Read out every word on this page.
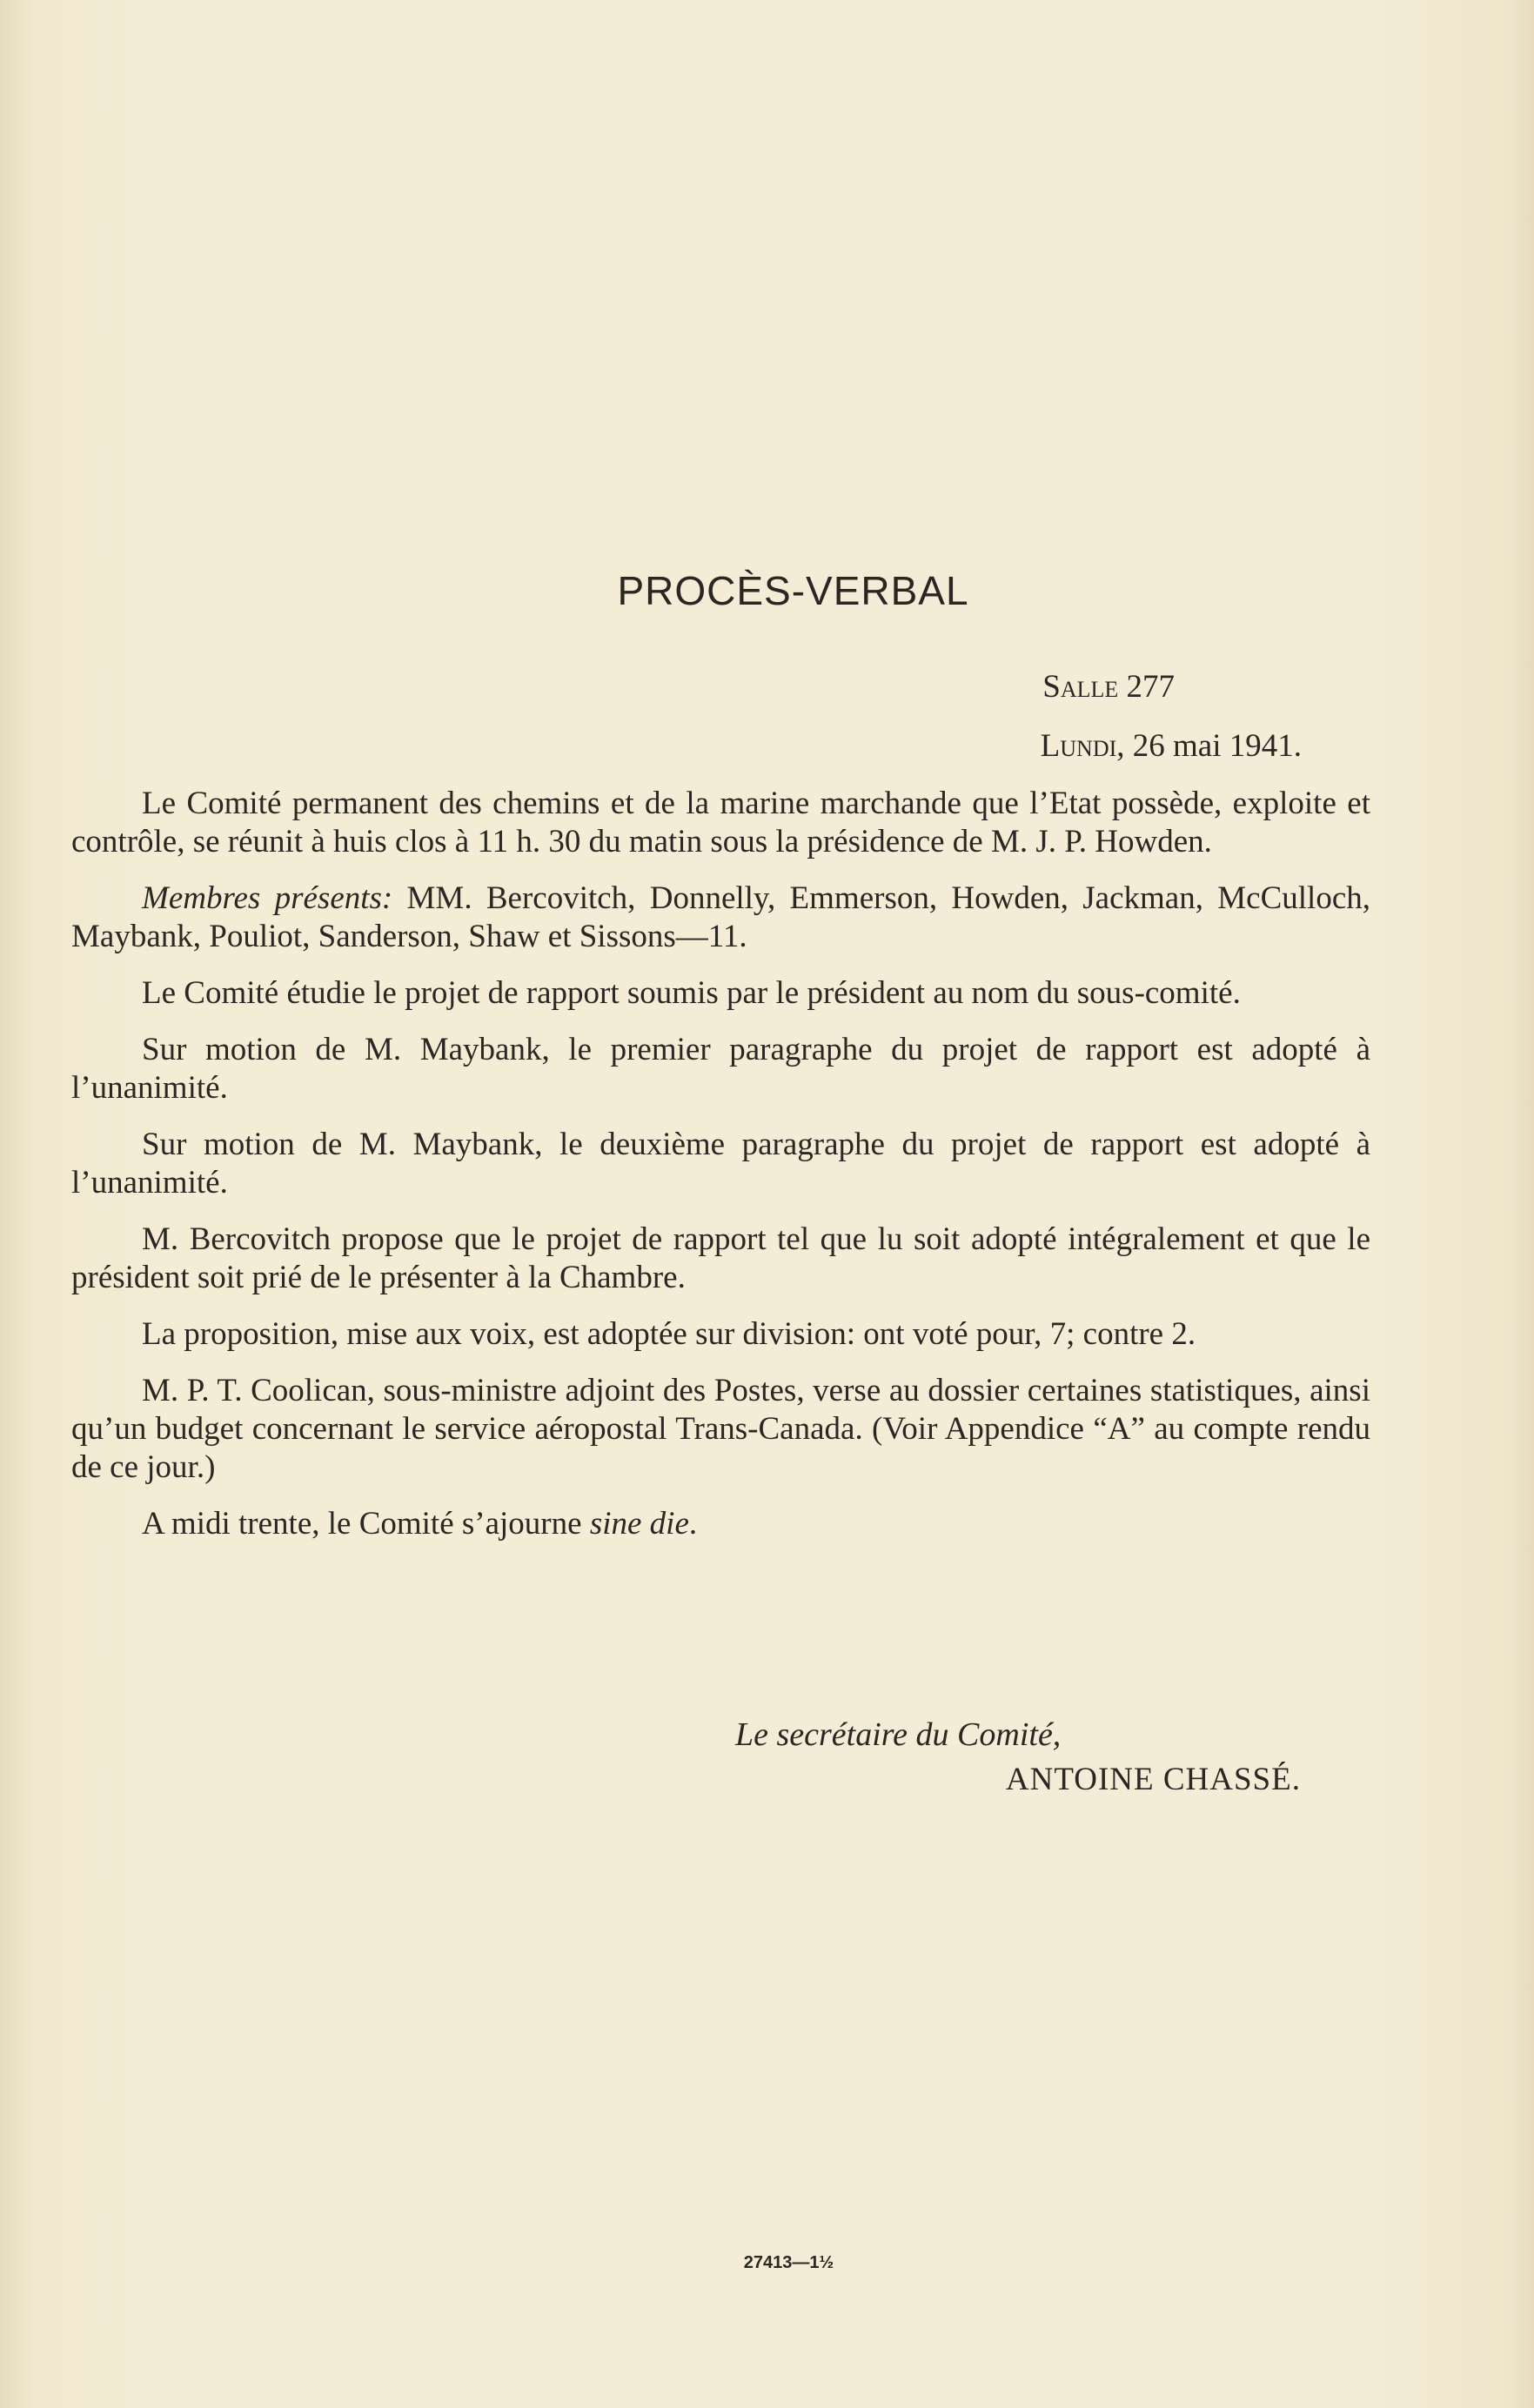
PROCÈS-VERBAL
Salle 277
Lundi, 26 mai 1941.

Le Comité permanent des chemins et de la marine marchande que l’Etat possède, exploite et contrôle, se réunit à huis clos à 11 h. 30 du matin sous la présidence de M. J. P. Howden.

Membres présents: MM. Bercovitch, Donnelly, Emmerson, Howden, Jackman, McCulloch, Maybank, Pouliot, Sanderson, Shaw et Sissons—11.

Le Comité étudie le projet de rapport soumis par le président au nom du sous-comité.

Sur motion de M. Maybank, le premier paragraphe du projet de rapport est adopté à l’unanimité.

Sur motion de M. Maybank, le deuxième paragraphe du projet de rapport est adopté à l’unanimité.

M. Bercovitch propose que le projet de rapport tel que lu soit adopté intégralement et que le président soit prié de le présenter à la Chambre.

La proposition, mise aux voix, est adoptée sur division: ont voté pour, 7; contre 2.

M. P. T. Coolican, sous-ministre adjoint des Postes, verse au dossier certaines statistiques, ainsi qu’un budget concernant le service aéropostal Trans-Canada. (Voir Appendice “A” au compte rendu de ce jour.)

A midi trente, le Comité s’ajourne sine die.

Le secrétaire du Comité,
ANTOINE CHASSÉ.
27413—1½
